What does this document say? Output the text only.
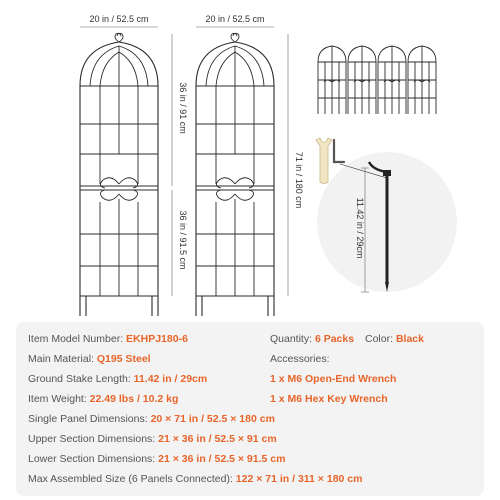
20 in / 52.5 cm	20 in / 52.5 cm
36 in / 91 cm
36 in / 91.5 cm
71 in / 180 cm
11.42 in / 29cm
Item Model Number: EKHPJ180-6	Quantity: 6 Packs Color: Black
Main Material: Q195 Steel	Accessories:
Ground Stake Length: 11.42 in / 29cm	1 x M6 Open-End Wrench
Item Weight: 22.49 lbs / 10.2 kg	1 x M6 Hex Key Wrench
Single Panel Dimensions: 20 × 71 in / 52.5 × 180 cm
Upper Section Dimensions: 21 × 36 in / 52.5 × 91 cm
Lower Section Dimensions: 21 × 36 in / 52.5 × 91.5 cm
Max Assembled Size (6 Panels Connected): 122 × 71 in / 311 × 180 cm
